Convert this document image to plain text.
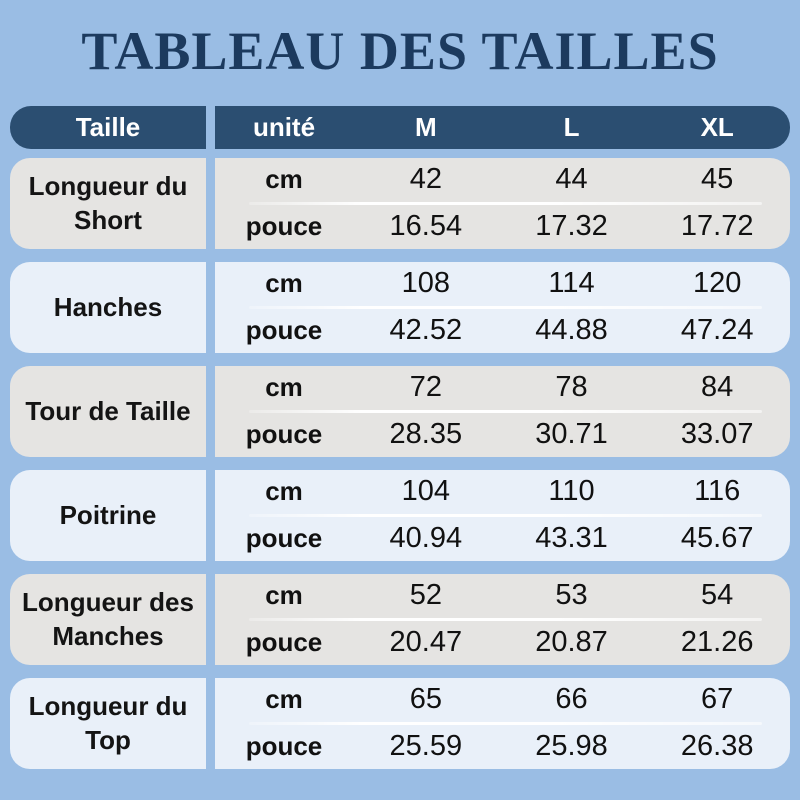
TABLEAU DES TAILLES
Taille	unité	M	L	XL
Longueur du Short
cm	42	44	45
pouce	16.54	17.32	17.72
Hanches
cm	108	114	120
pouce	42.52	44.88	47.24
Tour de Taille
cm	72	78	84
pouce	28.35	30.71	33.07
Poitrine
cm	104	110	116
pouce	40.94	43.31	45.67
Longueur des Manches
cm	52	53	54
pouce	20.47	20.87	21.26
Longueur du Top
cm	65	66	67
pouce	25.59	25.98	26.38
